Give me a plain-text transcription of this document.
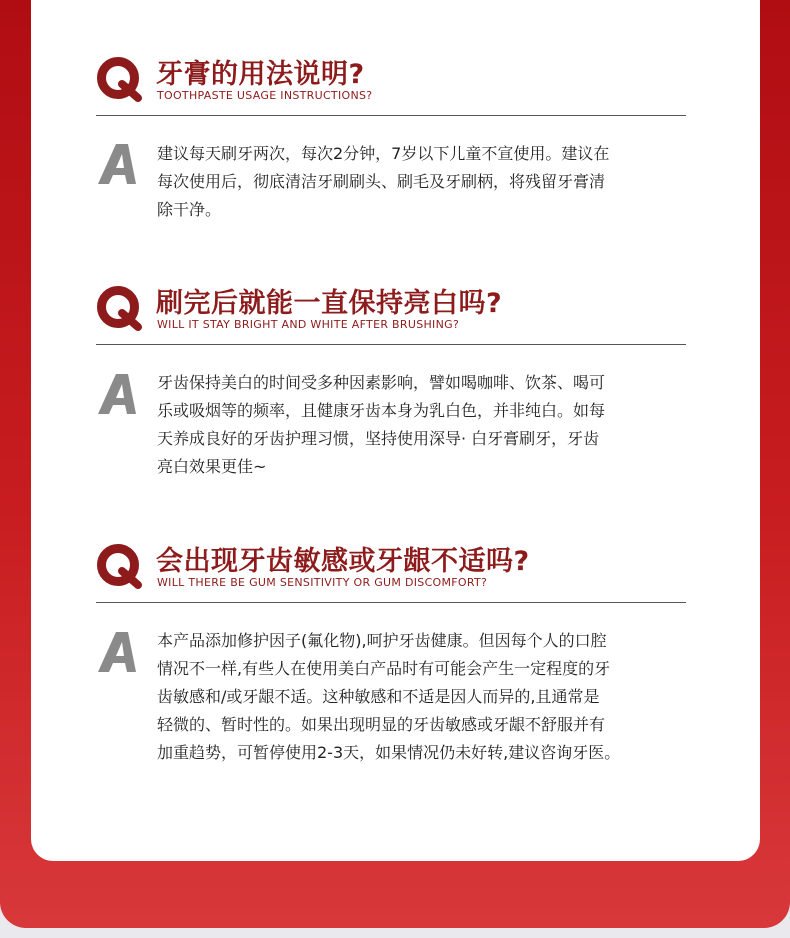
牙膏的用法说明?
TOOTHPASTE USAGE INSTRUCTIONS?
建议每天刷牙两次，每次2分钟，7岁以下儿童不宣使用。建议在
每次使用后，彻底清洁牙刷刷头、刷毛及牙刷柄，将残留牙膏清
除干净。
刷完后就能一直保持亮白吗?
WILL IT STAY BRIGHT AND WHITE AFTER BRUSHING?
牙齿保持美白的时间受多种因素影响，譬如喝咖啡、饮茶、喝可
乐或吸烟等的频率，且健康牙齿本身为乳白色，并非纯白。如每
天养成良好的牙齿护理习惯，坚持使用深导· 白牙膏刷牙，牙齿
亮白效果更佳~
会出现牙齿敏感或牙龈不适吗?
WILL THERE BE GUM SENSITIVITY OR GUM DISCOMFORT?
本产品添加修护因子(氟化物),呵护牙齿健康。但因每个人的口腔
情况不一样,有些人在使用美白产品时有可能会产生一定程度的牙
齿敏感和/或牙龈不适。这种敏感和不适是因人而异的,且通常是
轻微的、暂时性的。如果出现明显的牙齿敏感或牙龈不舒服并有
加重趋势，可暂停使用2-3天，如果情况仍未好转,建议咨询牙医。
